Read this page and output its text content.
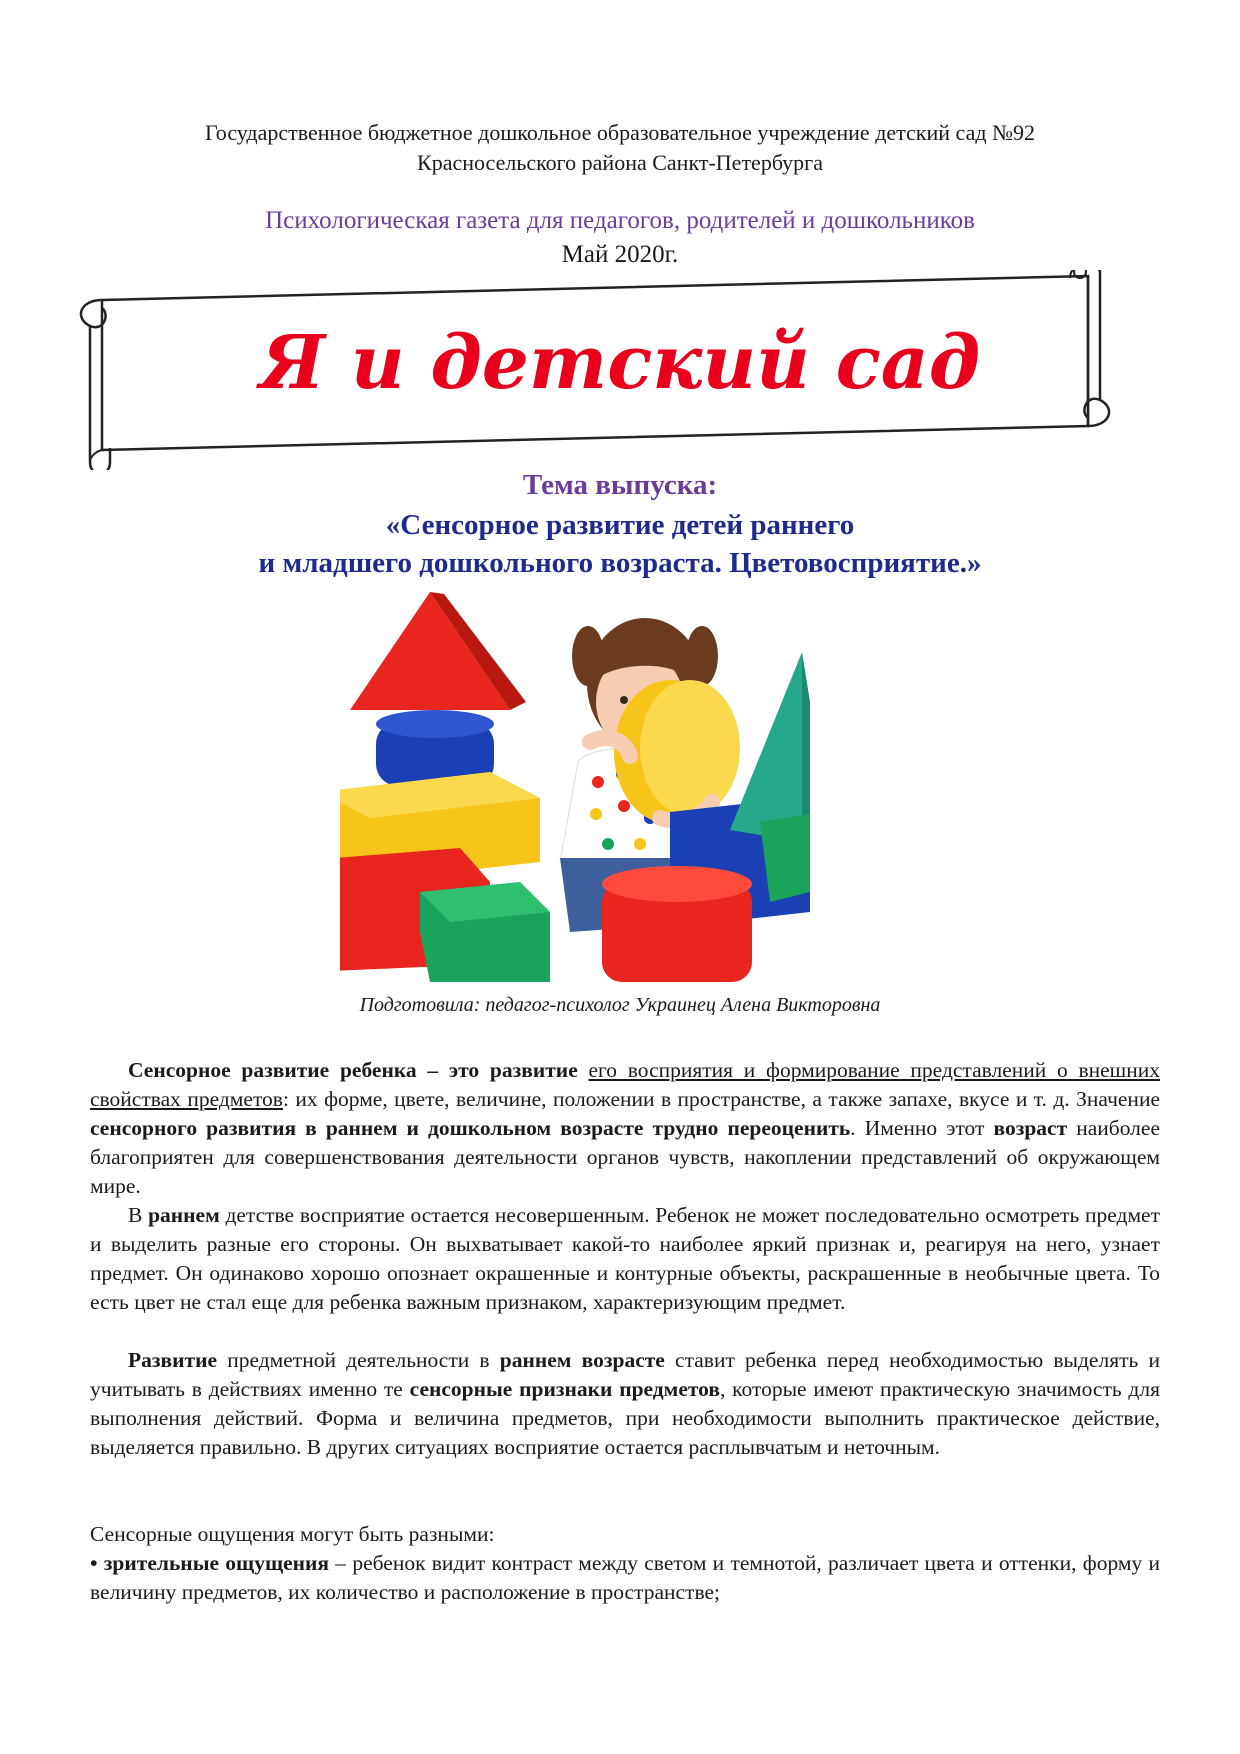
Государственное бюджетное дошкольное образовательное учреждение детский сад №92
Красносельского района Санкт-Петербурга
Психологическая газета для педагогов, родителей и дошкольников
Май 2020г.
Я и детский сад
Тема выпуска:
«Сенсорное развитие детей раннего
и младшего дошкольного возраста. Цветовосприятие.»
Подготовила: педагог-психолог Украинец Алена Викторовна

Сенсорное развитие ребенка – это развитие его восприятия и формирование представлений о внешних свойствах предметов: их форме, цвете, величине, положении в пространстве, а также запахе, вкусе и т. д. Значение сенсорного развития в раннем и дошкольном возрасте трудно переоценить. Именно этот возраст наиболее благоприятен для совершенствования деятельности органов чувств, накоплении представлений об окружающем мире.

В раннем детстве восприятие остается несовершенным. Ребенок не может последовательно осмотреть предмет и выделить разные его стороны. Он выхватывает какой-то наиболее яркий признак и, реагируя на него, узнает предмет. Он одинаково хорошо опознает окрашенные и контурные объекты, раскрашенные в необычные цвета. То есть цвет не стал еще для ребенка важным признаком, характеризующим предмет.

Развитие предметной деятельности в раннем возрасте ставит ребенка перед необходимостью выделять и учитывать в действиях именно те сенсорные признаки предметов, которые имеют практическую значимость для выполнения действий. Форма и величина предметов, при необходимости выполнить практическое действие, выделяется правильно. В других ситуациях восприятие остается расплывчатым и неточным.

Сенсорные ощущения могут быть разными:

• зрительные ощущения – ребенок видит контраст между светом и темнотой, различает цвета и оттенки, форму и величину предметов, их количество и расположение в пространстве;
